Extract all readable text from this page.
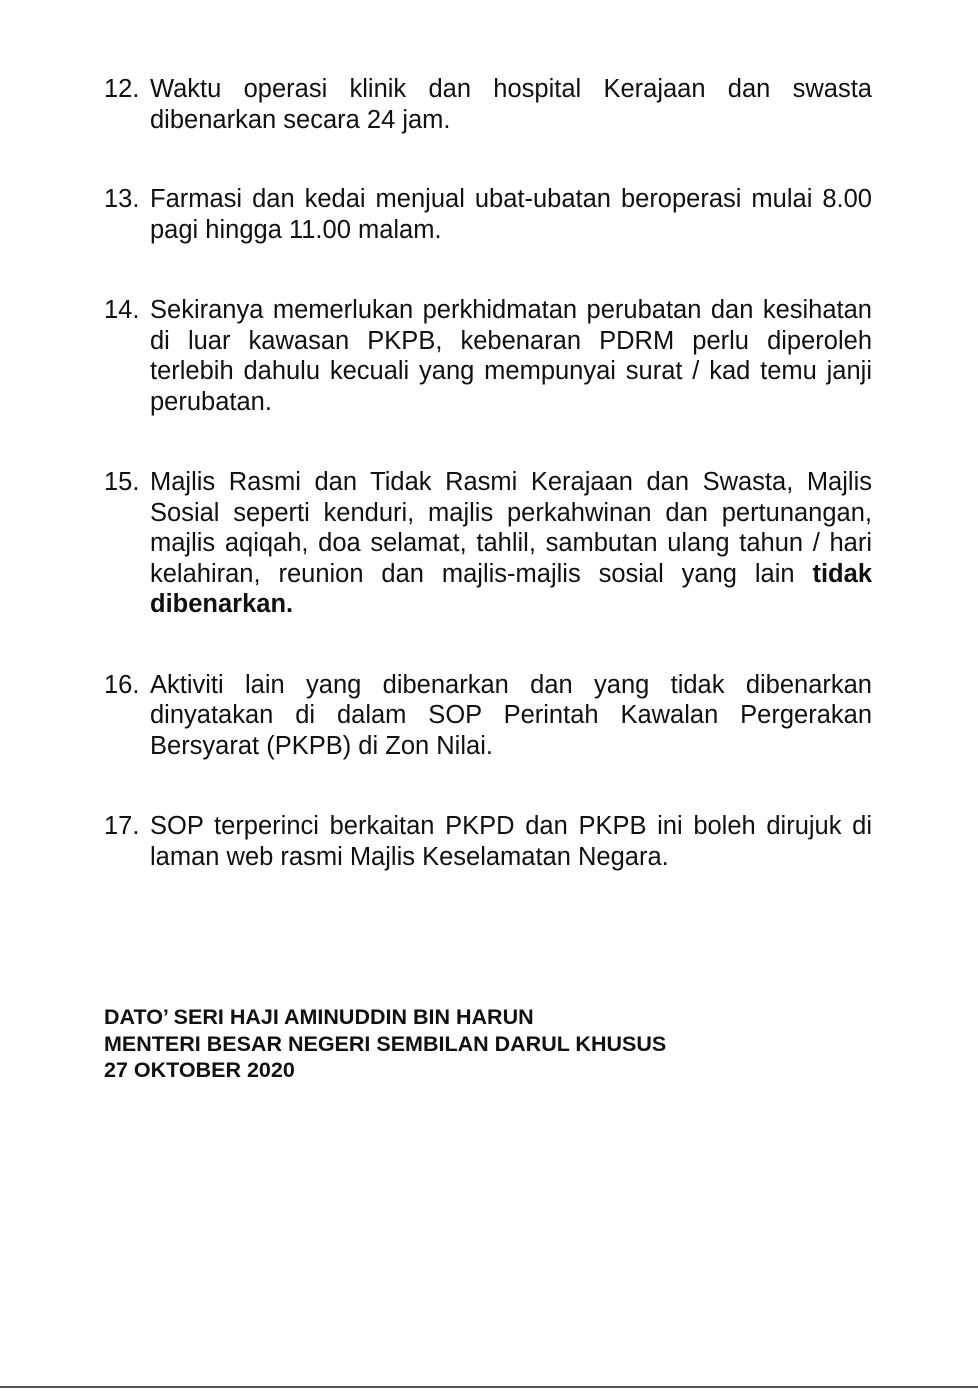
12. Waktu operasi klinik dan hospital Kerajaan dan swasta dibenarkan secara 24 jam.
13. Farmasi dan kedai menjual ubat-ubatan beroperasi mulai 8.00 pagi hingga 11.00 malam.
14. Sekiranya memerlukan perkhidmatan perubatan dan kesihatan di luar kawasan PKPB, kebenaran PDRM perlu diperoleh terlebih dahulu kecuali yang mempunyai surat / kad temu janji perubatan.
15. Majlis Rasmi dan Tidak Rasmi Kerajaan dan Swasta, Majlis Sosial seperti kenduri, majlis perkahwinan dan pertunangan, majlis aqiqah, doa selamat, tahlil, sambutan ulang tahun / hari kelahiran, reunion dan majlis-majlis sosial yang lain tidak dibenarkan.
16. Aktiviti lain yang dibenarkan dan yang tidak dibenarkan dinyatakan di dalam SOP Perintah Kawalan Pergerakan Bersyarat (PKPB) di Zon Nilai.
17. SOP terperinci berkaitan PKPD dan PKPB ini boleh dirujuk di laman web rasmi Majlis Keselamatan Negara.
DATO’ SERI HAJI AMINUDDIN BIN HARUN
MENTERI BESAR NEGERI SEMBILAN DARUL KHUSUS
27 OKTOBER 2020
